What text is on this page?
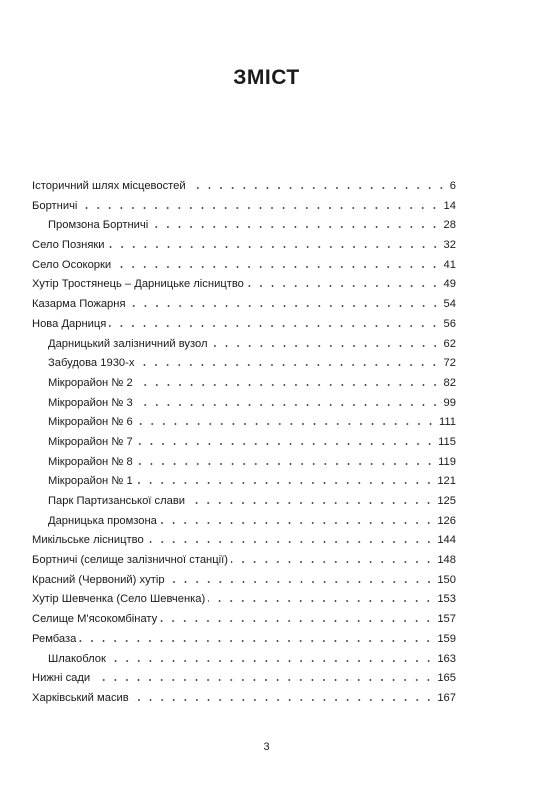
ЗМІСТ
Історичний шлях місцевостей	6
Бортничі	14
Промзона Бортничі	28
Село Позняки	32
Село Осокорки	41
Хутір Тростянець – Дарницьке лісництво	49
Казарма Пожарня	54
Нова Дарниця	56
Дарницький залізничний вузол	62
Забудова 1930-х	72
Мікрорайон № 2	82
Мікрорайон № 3	99
Мікрорайон № 6	111
Мікрорайон № 7	115
Мікрорайон № 8	119
Мікрорайон № 1	121
Парк Партизанської слави	125
Дарницька промзона	126
Микільське лісництво	144
Бортничі (селище залізничної станції)	148
Красний (Червоний) хутір	150
Хутір Шевченка (Село Шевченка)	153
Селище М'ясокомбінату	157
Рембаза	159
Шлакоблок	163
Нижні сади	165
Харківський масив	167
3
